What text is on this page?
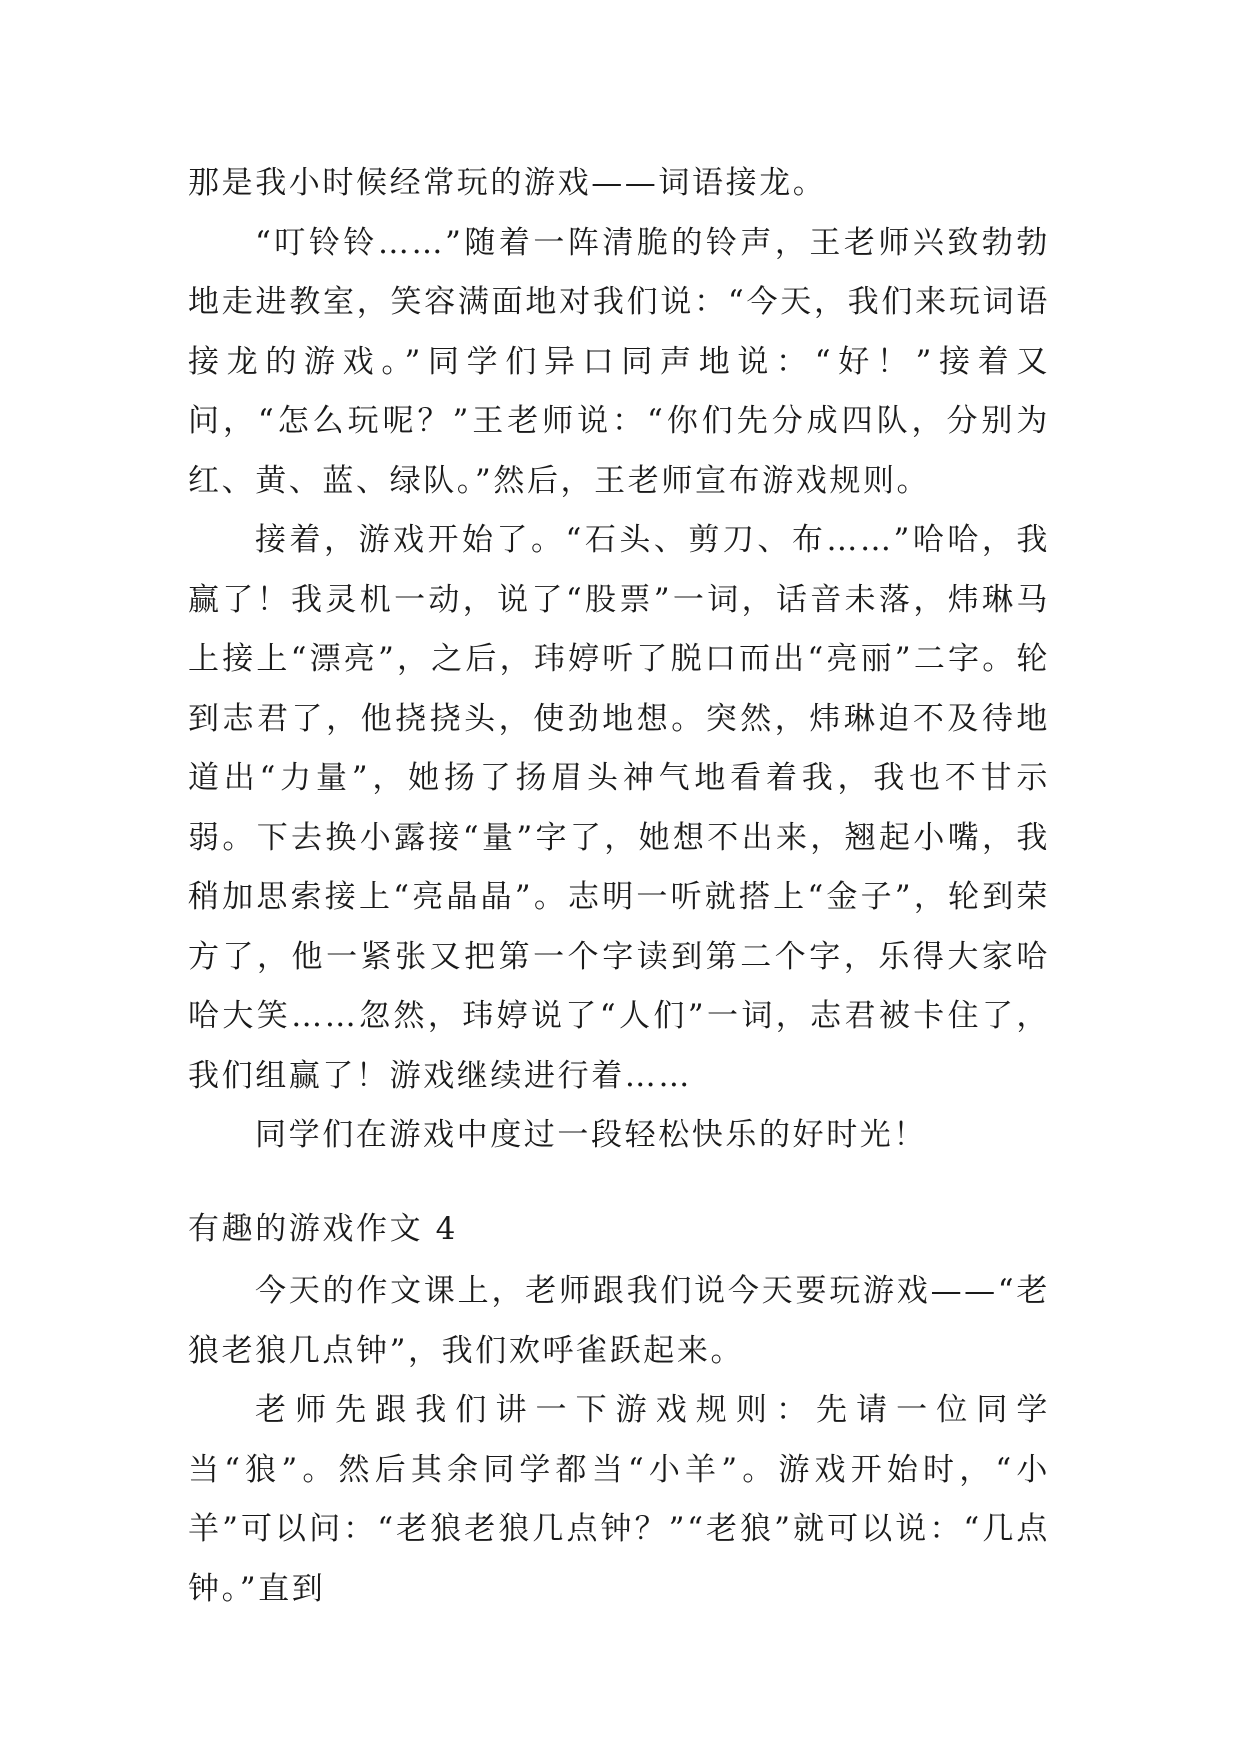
那是我小时候经常玩的游戏——词语接龙。

“叮铃铃……”随着一阵清脆的铃声，王老师兴致勃勃地走进教室，笑容满面地对我们说：“今天，我们来玩词语接龙的游戏。”同学们异口同声地说：“好！”接着又问，“怎么玩呢？”王老师说：“你们先分成四队，分别为红、黄、蓝、绿队。”然后，王老师宣布游戏规则。

接着，游戏开始了。“石头、剪刀、布……”哈哈，我赢了！我灵机一动，说了“股票”一词，话音未落，炜琳马上接上“漂亮”，之后，玮婷听了脱口而出“亮丽”二字。轮到志君了，他挠挠头，使劲地想。突然，炜琳迫不及待地道出“力量”，她扬了扬眉头神气地看着我，我也不甘示弱。下去换小露接“量”字了，她想不出来，翘起小嘴，我稍加思索接上“亮晶晶”。志明一听就搭上“金子”，轮到荣方了，他一紧张又把第一个字读到第二个字，乐得大家哈哈大笑……忽然，玮婷说了“人们”一词，志君被卡住了，我们组赢了！游戏继续进行着……

同学们在游戏中度过一段轻松快乐的好时光！

有趣的游戏作文 4

今天的作文课上，老师跟我们说今天要玩游戏——“老狼老狼几点钟”，我们欢呼雀跃起来。

老师先跟我们讲一下游戏规则：先请一位同学当“狼”。然后其余同学都当“小羊”。游戏开始时，“小羊”可以问：“老狼老狼几点钟？”“老狼”就可以说：“几点钟。”直到
